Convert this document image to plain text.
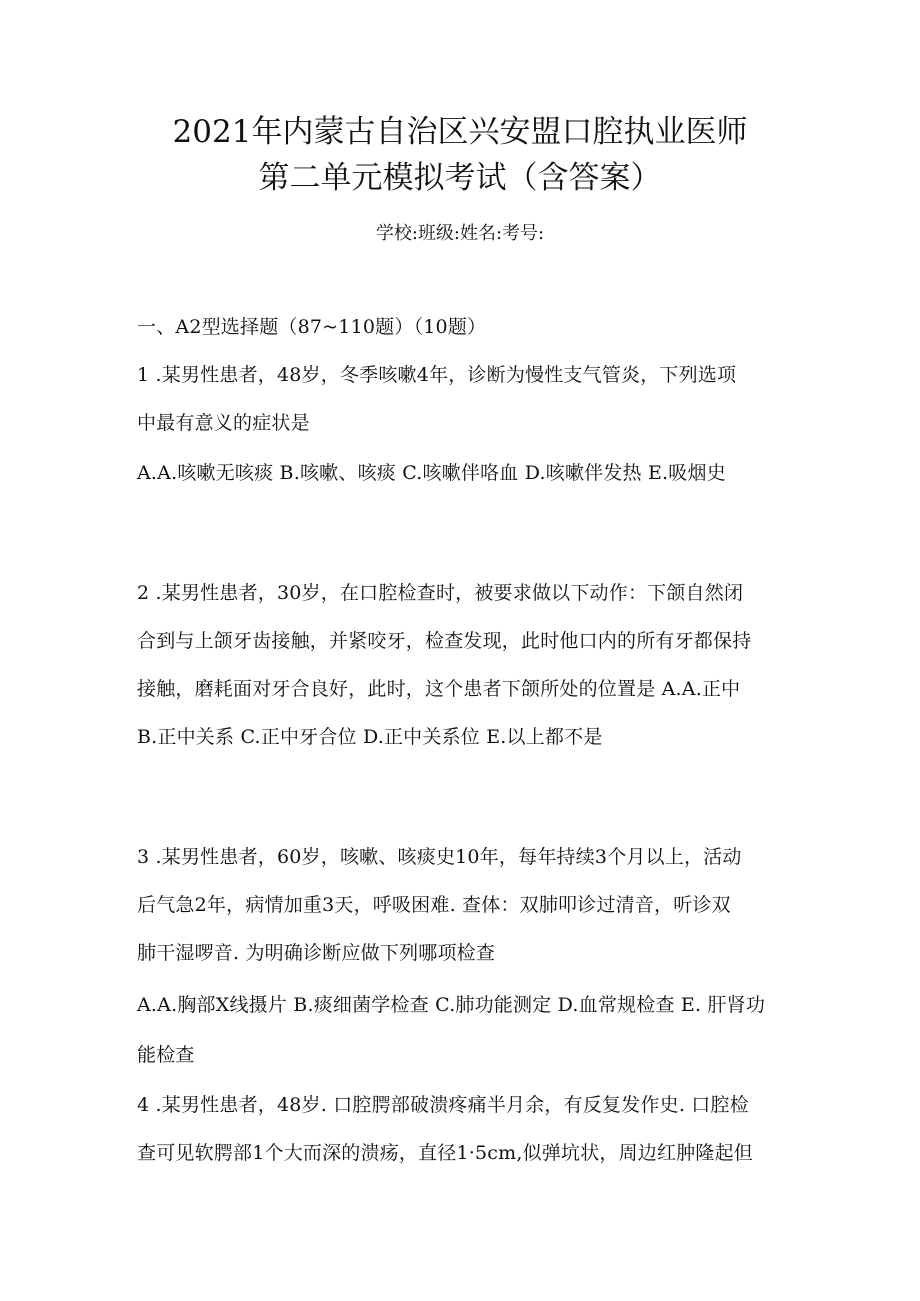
2021年内蒙古自治区兴安盟口腔执业医师
第二单元模拟考试（含答案）
学校:班级:姓名:考号:
一、A2型选择题（87~110题）（10题）
1 .某男性患者，48岁，冬季咳嗽4年，诊断为慢性支气管炎，下列选项
中最有意义的症状是
A.A.咳嗽无咳痰 B.咳嗽、咳痰 C.咳嗽伴咯血 D.咳嗽伴发热 E.吸烟史
2 .某男性患者，30岁，在口腔检查时，被要求做以下动作：下颌自然闭
合到与上颌牙齿接触，并紧咬牙，检查发现，此时他口内的所有牙都保持
接触，磨耗面对牙合良好，此时，这个患者下颌所处的位置是 A.A.正中
B.正中关系 C.正中牙合位 D.正中关系位 E.以上都不是
3 .某男性患者，60岁，咳嗽、咳痰史10年，每年持续3个月以上，活动
后气急2年，病情加重3天，呼吸困难. 查体：双肺叩诊过清音，听诊双
肺干湿啰音. 为明确诊断应做下列哪项检查
A.A.胸部X线摄片 B.痰细菌学检查 C.肺功能测定 D.血常规检查 E. 肝肾功
能检查
4 .某男性患者，48岁. 口腔腭部破溃疼痛半月余，有反复发作史. 口腔检
查可见软腭部1个大而深的溃疡，直径1·5cm,似弹坑状，周边红肿隆起但
